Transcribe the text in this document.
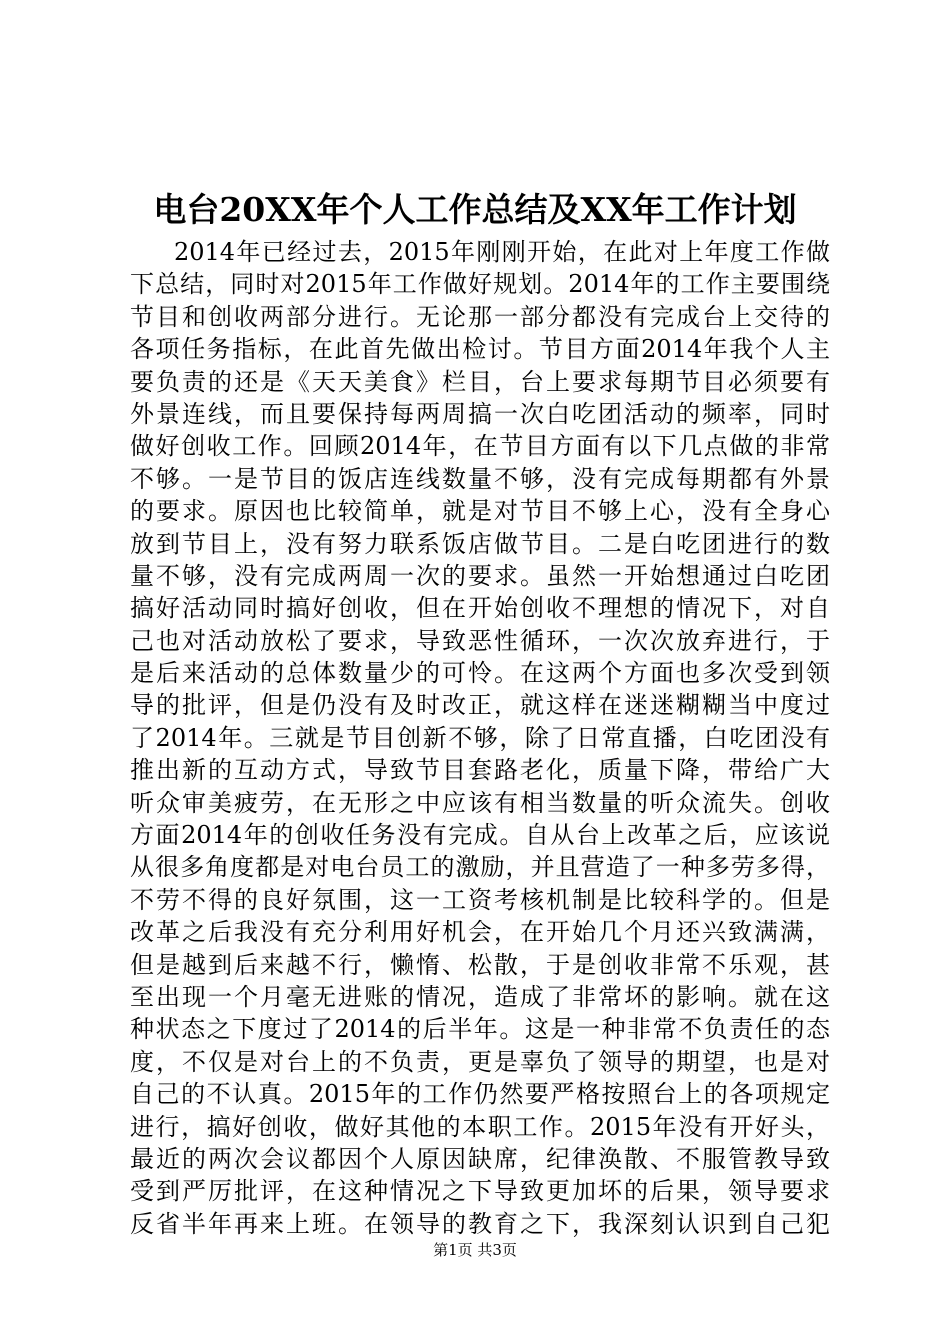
电台20XX年个人工作总结及XX年工作计划
2014年已经过去，2015年刚刚开始，在此对上年度工作做
下总结，同时对2015年工作做好规划。2014年的工作主要围绕
节目和创收两部分进行。无论那一部分都没有完成台上交待的
各项任务指标，在此首先做出检讨。节目方面2014年我个人主
要负责的还是《天天美食》栏目，台上要求每期节目必须要有
外景连线，而且要保持每两周搞一次白吃团活动的频率，同时
做好创收工作。回顾2014年，在节目方面有以下几点做的非常
不够。一是节目的饭店连线数量不够，没有完成每期都有外景
的要求。原因也比较简单，就是对节目不够上心，没有全身心
放到节目上，没有努力联系饭店做节目。二是白吃团进行的数
量不够，没有完成两周一次的要求。虽然一开始想通过白吃团
搞好活动同时搞好创收，但在开始创收不理想的情况下，对自
己也对活动放松了要求，导致恶性循环，一次次放弃进行，于
是后来活动的总体数量少的可怜。在这两个方面也多次受到领
导的批评，但是仍没有及时改正，就这样在迷迷糊糊当中度过
了2014年。三就是节目创新不够，除了日常直播，白吃团没有
推出新的互动方式，导致节目套路老化，质量下降，带给广大
听众审美疲劳，在无形之中应该有相当数量的听众流失。创收
方面2014年的创收任务没有完成。自从台上改革之后，应该说
从很多角度都是对电台员工的激励，并且营造了一种多劳多得，
不劳不得的良好氛围，这一工资考核机制是比较科学的。但是
改革之后我没有充分利用好机会，在开始几个月还兴致满满，
但是越到后来越不行，懒惰、松散，于是创收非常不乐观，甚
至出现一个月毫无进账的情况，造成了非常坏的影响。就在这
种状态之下度过了2014的后半年。这是一种非常不负责任的态
度，不仅是对台上的不负责，更是辜负了领导的期望，也是对
自己的不认真。2015年的工作仍然要严格按照台上的各项规定
进行，搞好创收，做好其他的本职工作。2015年没有开好头，
最近的两次会议都因个人原因缺席，纪律涣散、不服管教导致
受到严厉批评，在这种情况之下导致更加坏的后果，领导要求
反省半年再来上班。在领导的教育之下，我深刻认识到自己犯
第1页 共3页
